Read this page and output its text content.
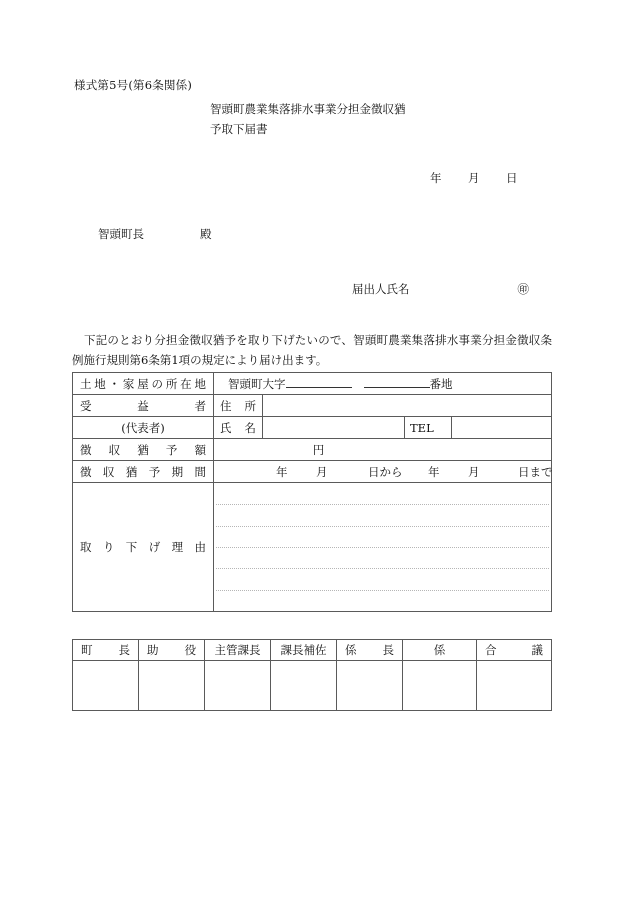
様式第5号(第6条関係)
智頭町農業集落排水事業分担金徴収猶
予取下届書
年 月 日
智頭町長	殿
届出人氏名	㊞

下記のとおり分担金徴収猶予を取り下げたいので、智頭町農業集落排水事業分担金徴収条例施行規則第6条第1項の規定により届け出ます。

土地・家屋の所在地	智頭町大字 番地			

受益者	住所			

(代表者)	氏名		TEL	

徴収猶予額	円			

徴収猶予期間	年 月 日から 年 月 日まで			

取り下げ理由				

町長	助役	主管課長	課長補佐	係長	係	合議
